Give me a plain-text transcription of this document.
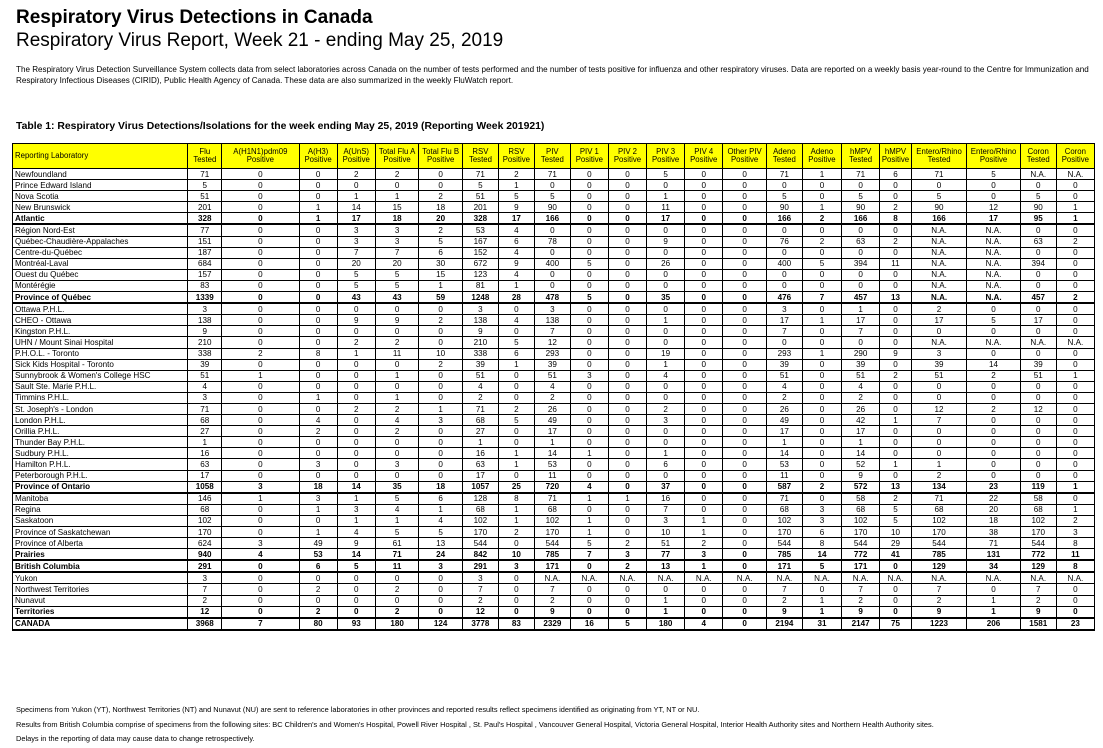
Respiratory Virus Detections in Canada
Respiratory Virus Report, Week 21 - ending May 25, 2019
The Respiratory Virus Detection Surveillance System collects data from select laboratories across Canada on the number of tests performed and the number of tests positive for influenza and other respiratory viruses. Data are reported on a weekly basis year-round to the Centre for Immunization and Respiratory Infectious Diseases (CIRID), Public Health Agency of Canada. These data are also summarized in the weekly FluWatch report.
Table 1: Respiratory Virus Detections/Isolations for the week ending May 25, 2019 (Reporting Week 201921)
Reporting Laboratory	Flu Tested	A(H1N1)pdm09 Positive	A(H3) Positive	A(UnS) Positive	Total Flu A Positive	Total Flu B Positive	RSV Tested	RSV Positive	PIV Tested	PIV 1 Positive	PIV 2 Positive	PIV 3 Positive	PIV 4 Positive	Other PIV Positive	Adeno Tested	Adeno Positive	hMPV Tested	hMPV Positive	Entero/Rhino Tested	Entero/Rhino Positive	Coron Tested	Coron Positive
Newfoundland	71	0	0	2	2	0	71	2	71	0	0	5	0	0	71	1	71	6	71	5	N.A.	N.A.
Prince Edward Island	5	0	0	0	0	0	5	1	0	0	0	0	0	0	0	0	0	0	0	0	0	0
Nova Scotia	51	0	0	1	1	2	51	5	5	0	0	1	0	0	5	0	5	0	5	0	5	0
New Brunswick	201	0	1	14	15	18	201	9	90	0	0	11	0	0	90	1	90	2	90	12	90	1
Atlantic	328	0	1	17	18	20	328	17	166	0	0	17	0	0	166	2	166	8	166	17	95	1
Région Nord-Est	77	0	0	3	3	2	53	4	0	0	0	0	0	0	0	0	0	0	N.A.	N.A.	0	0
Québec-Chaudière-Appalaches	151	0	0	3	3	5	167	6	78	0	0	9	0	0	76	2	63	2	N.A.	N.A.	63	2
Centre-du-Québec	187	0	0	7	7	6	152	4	0	0	0	0	0	0	0	0	0	0	N.A.	N.A.	0	0
Montréal-Laval	684	0	0	20	20	30	672	9	400	5	0	26	0	0	400	5	394	11	N.A.	N.A.	394	0
Ouest du Québec	157	0	0	5	5	15	123	4	0	0	0	0	0	0	0	0	0	0	N.A.	N.A.	0	0
Montérégie	83	0	0	5	5	1	81	1	0	0	0	0	0	0	0	0	0	0	N.A.	N.A.	0	0
Province of Québec	1339	0	0	43	43	59	1248	28	478	5	0	35	0	0	476	7	457	13	N.A.	N.A.	457	2
Ottawa P.H.L.	3	0	0	0	0	0	3	0	3	0	0	0	0	0	3	0	1	0	2	0	0	0
CHEO - Ottawa	138	0	0	9	9	2	138	4	138	0	0	1	0	0	17	1	17	0	17	5	17	0
Kingston P.H.L.	9	0	0	0	0	0	9	0	7	0	0	0	0	0	7	0	7	0	0	0	0	0
UHN / Mount Sinai Hospital	210	0	0	2	2	0	210	5	12	0	0	0	0	0	0	0	0	0	N.A.	N.A.	N.A.	N.A.
P.H.O.L. - Toronto	338	2	8	1	11	10	338	6	293	0	0	19	0	0	293	1	290	9	3	0	0	0
Sick Kids Hospital - Toronto	39	0	0	0	0	2	39	1	39	0	0	1	0	0	39	0	39	0	39	14	39	0
Sunnybrook & Women's College HSC	51	1	0	0	1	0	51	0	51	3	0	4	0	0	51	0	51	2	51	2	51	1
Sault Ste. Marie P.H.L.	4	0	0	0	0	0	4	0	4	0	0	0	0	0	4	0	4	0	0	0	0	0
Timmins P.H.L.	3	0	1	0	1	0	2	0	2	0	0	0	0	0	2	0	2	0	0	0	0	0
St. Joseph's - London	71	0	0	2	2	1	71	2	26	0	0	2	0	0	26	0	26	0	12	2	12	0
London P.H.L.	68	0	4	0	4	3	68	5	49	0	0	3	0	0	49	0	42	1	7	0	0	0
Orillia P.H.L.	27	0	2	0	2	0	27	0	17	0	0	0	0	0	17	0	17	0	0	0	0	0
Thunder Bay P.H.L.	1	0	0	0	0	0	1	0	1	0	0	0	0	0	1	0	1	0	0	0	0	0
Sudbury P.H.L.	16	0	0	0	0	0	16	1	14	1	0	1	0	0	14	0	14	0	0	0	0	0
Hamilton P.H.L.	63	0	3	0	3	0	63	1	53	0	0	6	0	0	53	0	52	1	1	0	0	0
Peterborough P.H.L.	17	0	0	0	0	0	17	0	11	0	0	0	0	0	11	0	9	0	2	0	0	0
Province of Ontario	1058	3	18	14	35	18	1057	25	720	4	0	37	0	0	587	2	572	13	134	23	119	1
Manitoba	146	1	3	1	5	6	128	8	71	1	1	16	0	0	71	0	58	2	71	22	58	0
Regina	68	0	1	3	4	1	68	1	68	0	0	7	0	0	68	3	68	5	68	20	68	1
Saskatoon	102	0	0	1	1	4	102	1	102	1	0	3	1	0	102	3	102	5	102	18	102	2
Province of Saskatchewan	170	0	1	4	5	5	170	2	170	1	0	10	1	0	170	6	170	10	170	38	170	3
Province of Alberta	624	3	49	9	61	13	544	0	544	5	2	51	2	0	544	8	544	29	544	71	544	8
Prairies	940	4	53	14	71	24	842	10	785	7	3	77	3	0	785	14	772	41	785	131	772	11
British Columbia	291	0	6	5	11	3	291	3	171	0	2	13	1	0	171	5	171	0	129	34	129	8
Yukon	3	0	0	0	0	0	3	0	N.A.	N.A.	N.A.	N.A.	N.A.	N.A.	N.A.	N.A.	N.A.	N.A.	N.A.	N.A.	N.A.	N.A.
Northwest Territories	7	0	2	0	2	0	7	0	7	0	0	0	0	0	7	0	7	0	7	0	7	0
Nunavut	2	0	0	0	0	0	2	0	2	0	0	1	0	0	2	1	2	0	2	1	2	0
Territories	12	0	2	0	2	0	12	0	9	0	0	1	0	0	9	1	9	0	9	1	9	0
CANADA	3968	7	80	93	180	124	3778	83	2329	16	5	180	4	0	2194	31	2147	75	1223	206	1581	23
Specimens from Yukon (YT), Northwest Territories (NT) and Nunavut (NU) are sent to reference laboratories in other provinces and reported results reflect specimens identified as originating from YT, NT or NU.
Results from British Columbia comprise of specimens from the following sites: BC Children's and Women's Hospital, Powell River Hospital , St. Paul's Hospital , Vancouver General Hospital, Victoria General Hospital, Interior Health Authority sites and Northern Health Authority sites.
Delays in the reporting of data may cause data to change retrospectively.
